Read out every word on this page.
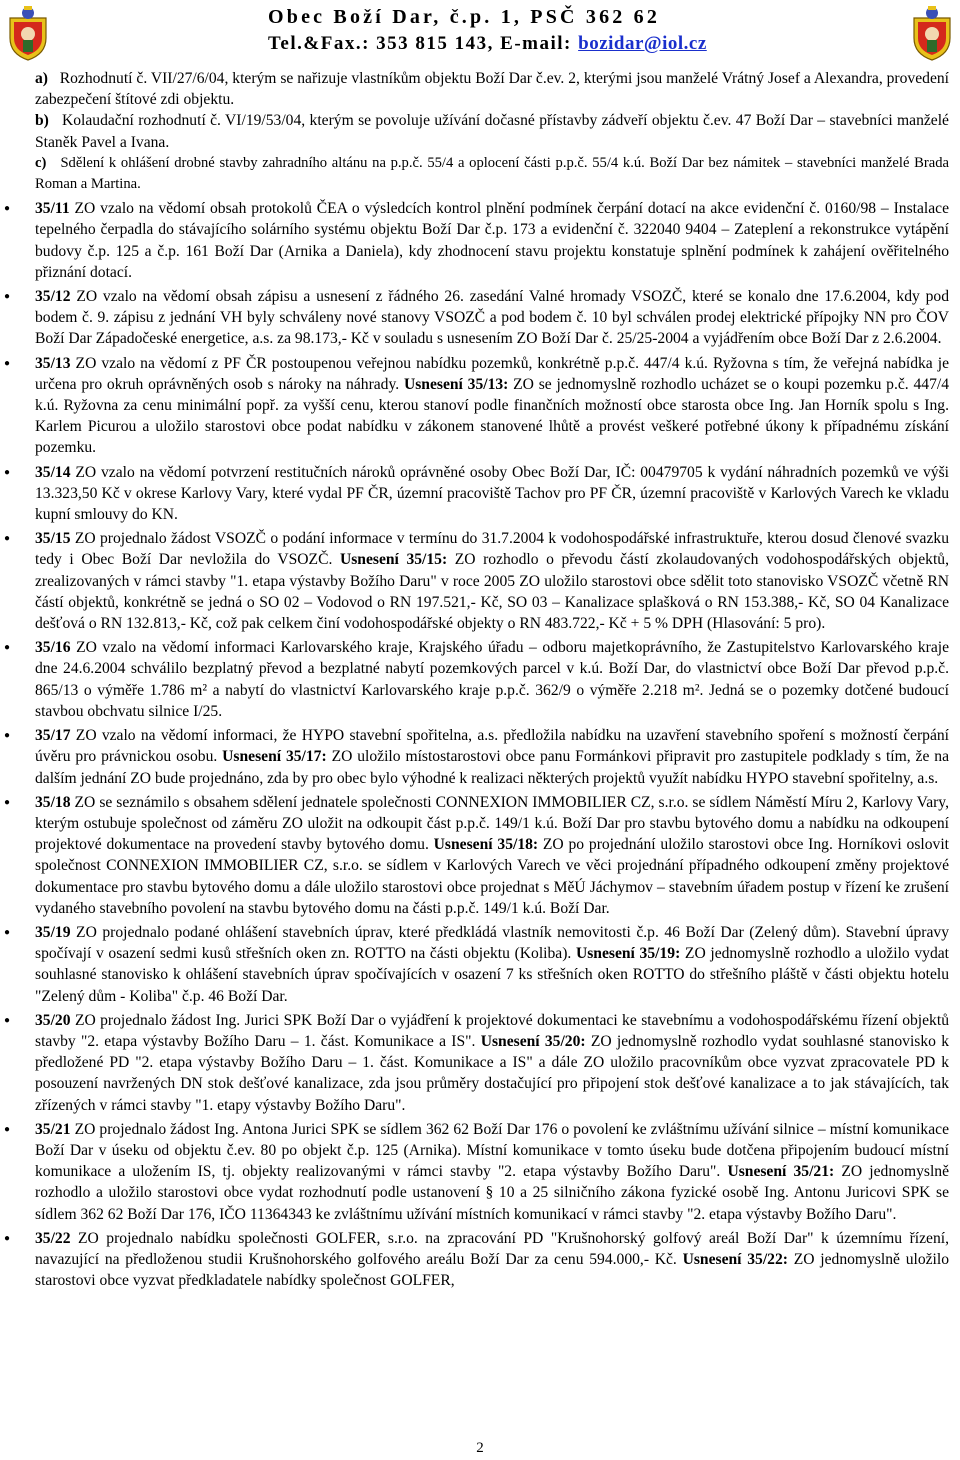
Obec Boží Dar, č.p. 1, PSČ 362 62
Tel.&Fax.: 353 815 143, E-mail: bozidar@iol.cz

a) Rozhodnutí č. VII/27/6/04, kterým se nařizuje vlastníkům objektu Boží Dar č.ev. 2, kterými jsou manželé Vrátný Josef a Alexandra, provedení zabezpečení štítové zdi objektu.

b) Kolaudační rozhodnutí č. VI/19/53/04, kterým se povoluje užívání dočasné přístavby zádveří objektu č.ev. 47 Boží Dar – stavebníci manželé Staněk Pavel a Ivana.

c) Sdělení k ohlášení drobné stavby zahradního altánu na p.p.č. 55/4 a oplocení části p.p.č. 55/4 k.ú. Boží Dar bez námitek – stavebníci manželé Brada Roman a Martina.

● 35/11 ZO vzalo na vědomí obsah protokolů ČEA o výsledcích kontrol plnění podmínek čerpání dotací na akce evidenční č. 0160/98 – Instalace tepelného čerpadla do stávajícího solárního systému objektu Boží Dar č.p. 173 a evidenční č. 322040 9404 – Zateplení a rekonstrukce vytápění budovy č.p. 125 a č.p. 161 Boží Dar (Arnika a Daniela), kdy zhodnocení stavu projektu konstatuje splnění podmínek k zahájení ověřitelného přiznání dotací.

● 35/12 ZO vzalo na vědomí obsah zápisu a usnesení z řádného 26. zasedání Valné hromady VSOZČ, které se konalo dne 17.6.2004, kdy pod bodem č. 9. zápisu z jednání VH byly schváleny nové stanovy VSOZČ a pod bodem č. 10 byl schválen prodej elektrické přípojky NN pro ČOV Boží Dar Západočeské energetice, a.s. za 98.173,- Kč v souladu s usnesením ZO Boží Dar č. 25/25-2004 a vyjádřením obce Boží Dar z 2.6.2004.

● 35/13 ZO vzalo na vědomí z PF ČR postoupenou veřejnou nabídku pozemků, konkrétně p.p.č. 447/4 k.ú. Ryžovna s tím, že veřejná nabídka je určena pro okruh oprávněných osob s nároky na náhrady. Usnesení 35/13: ZO se jednomyslně rozhodlo ucházet se o koupi pozemku p.č. 447/4 k.ú. Ryžovna za cenu minimální popř. za vyšší cenu, kterou stanoví podle finančních možností obce starosta obce Ing. Jan Horník spolu s Ing. Karlem Picurou a uložilo starostovi obce podat nabídku v zákonem stanovené lhůtě a provést veškeré potřebné úkony k případnému získání pozemku.

● 35/14 ZO vzalo na vědomí potvrzení restitučních nároků oprávněné osoby Obec Boží Dar, IČ: 00479705 k vydání náhradních pozemků ve výši 13.323,50 Kč v okrese Karlovy Vary, které vydal PF ČR, územní pracoviště Tachov pro PF ČR, územní pracoviště v Karlových Varech ke vkladu kupní smlouvy do KN.

● 35/15 ZO projednalo žádost VSOZČ o podání informace v termínu do 31.7.2004 k vodohospodářské infrastruktuře, kterou dosud členové svazku tedy i Obec Boží Dar nevložila do VSOZČ. Usnesení 35/15: ZO rozhodlo o převodu částí zkolaudovaných vodohospodářských objektů, zrealizovaných v rámci stavby "1. etapa výstavby Božího Daru" v roce 2005 ZO uložilo starostovi obce sdělit toto stanovisko VSOZČ včetně RN částí objektů, konkrétně se jedná o SO 02 – Vodovod o RN 197.521,- Kč, SO 03 – Kanalizace splašková o RN 153.388,- Kč, SO 04 Kanalizace dešťová o RN 132.813,- Kč, což pak celkem činí vodohospodářské objekty o RN 483.722,- Kč + 5 % DPH (Hlasování: 5 pro).

● 35/16 ZO vzalo na vědomí informaci Karlovarského kraje, Krajského úřadu – odboru majetkoprávního, že Zastupitelstvo Karlovarského kraje dne 24.6.2004 schválilo bezplatný převod a bezplatné nabytí pozemkových parcel v k.ú. Boží Dar, do vlastnictví obce Boží Dar převod p.p.č. 865/13 o výměře 1.786 m² a nabytí do vlastnictví Karlovarského kraje p.p.č. 362/9 o výměře 2.218 m². Jedná se o pozemky dotčené budoucí stavbou obchvatu silnice I/25.

● 35/17 ZO vzalo na vědomí informaci, že HYPO stavební spořitelna, a.s. předložila nabídku na uzavření stavebního spoření s možností čerpání úvěru pro právnickou osobu. Usnesení 35/17: ZO uložilo místostarostovi obce panu Formánkovi připravit pro zastupitele podklady s tím, že na dalším jednání ZO bude projednáno, zda by pro obec bylo výhodné k realizaci některých projektů využít nabídku HYPO stavební spořitelny, a.s.

● 35/18 ZO se seznámilo s obsahem sdělení jednatele společnosti CONNEXION IMMOBILIER CZ, s.r.o. se sídlem Náměstí Míru 2, Karlovy Vary, kterým ostubuje společnost od záměru ZO uložit na odkoupit část p.p.č. 149/1 k.ú. Boží Dar pro stavbu bytového domu a nabídku na odkoupení projektové dokumentace na provedení stavby bytového domu. Usnesení 35/18: ZO po projednání uložilo starostovi obce Ing. Horníkovi oslovit společnost CONNEXION IMMOBILIER CZ, s.r.o. se sídlem v Karlových Varech ve věci projednání případného odkoupení změny projektové dokumentace pro stavbu bytového domu a dále uložilo starostovi obce projednat s MěÚ Jáchymov – stavebním úřadem postup v řízení ke zrušení vydaného stavebního povolení na stavbu bytového domu na části p.p.č. 149/1 k.ú. Boží Dar.

● 35/19 ZO projednalo podané ohlášení stavebních úprav, které předkládá vlastník nemovitosti č.p. 46 Boží Dar (Zelený dům). Stavební úpravy spočívají v osazení sedmi kusů střešních oken zn. ROTTO na části objektu (Koliba). Usnesení 35/19: ZO jednomyslně rozhodlo a uložilo vydat souhlasné stanovisko k ohlášení stavebních úprav spočívajících v osazení 7 ks střešních oken ROTTO do střešního pláště v části objektu hotelu "Zelený dům - Koliba" č.p. 46 Boží Dar.

● 35/20 ZO projednalo žádost Ing. Jurici SPK Boží Dar o vyjádření k projektové dokumentaci ke stavebnímu a vodohospodářskému řízení objektů stavby "2. etapa výstavby Božího Daru – 1. část. Komunikace a IS". Usnesení 35/20: ZO jednomyslně rozhodlo vydat souhlasné stanovisko k předložené PD "2. etapa výstavby Božího Daru – 1. část. Komunikace a IS" a dále ZO uložilo pracovníkům obce vyzvat zpracovatele PD k posouzení navržených DN stok dešťové kanalizace, zda jsou průměry dostačující pro připojení stok dešťové kanalizace a to jak stávajících, tak zřízených v rámci stavby "1. etapy výstavby Božího Daru".

● 35/21 ZO projednalo žádost Ing. Antona Jurici SPK se sídlem 362 62 Boží Dar 176 o povolení ke zvláštnímu užívání silnice – místní komunikace Boží Dar v úseku od objektu č.ev. 80 po objekt č.p. 125 (Arnika). Místní komunikace v tomto úseku bude dotčena připojením budoucí místní komunikace a uložením IS, tj. objekty realizovanými v rámci stavby "2. etapa výstavby Božího Daru". Usnesení 35/21: ZO jednomyslně rozhodlo a uložilo starostovi obce vydat rozhodnutí podle ustanovení § 10 a 25 silničního zákona fyzické osobě Ing. Antonu Juricovi SPK se sídlem 362 62 Boží Dar 176, IČO 11364343 ke zvláštnímu užívání místních komunikací v rámci stavby "2. etapa výstavby Božího Daru".

● 35/22 ZO projednalo nabídku společnosti GOLFER, s.r.o. na zpracování PD "Krušnohorský golfový areál Boží Dar" k územnímu řízení, navazující na předloženou studii Krušnohorského golfového areálu Boží Dar za cenu 594.000,- Kč. Usnesení 35/22: ZO jednomyslně uložilo starostovi obce vyzvat předkladatele nabídky společnost GOLFER,

2
